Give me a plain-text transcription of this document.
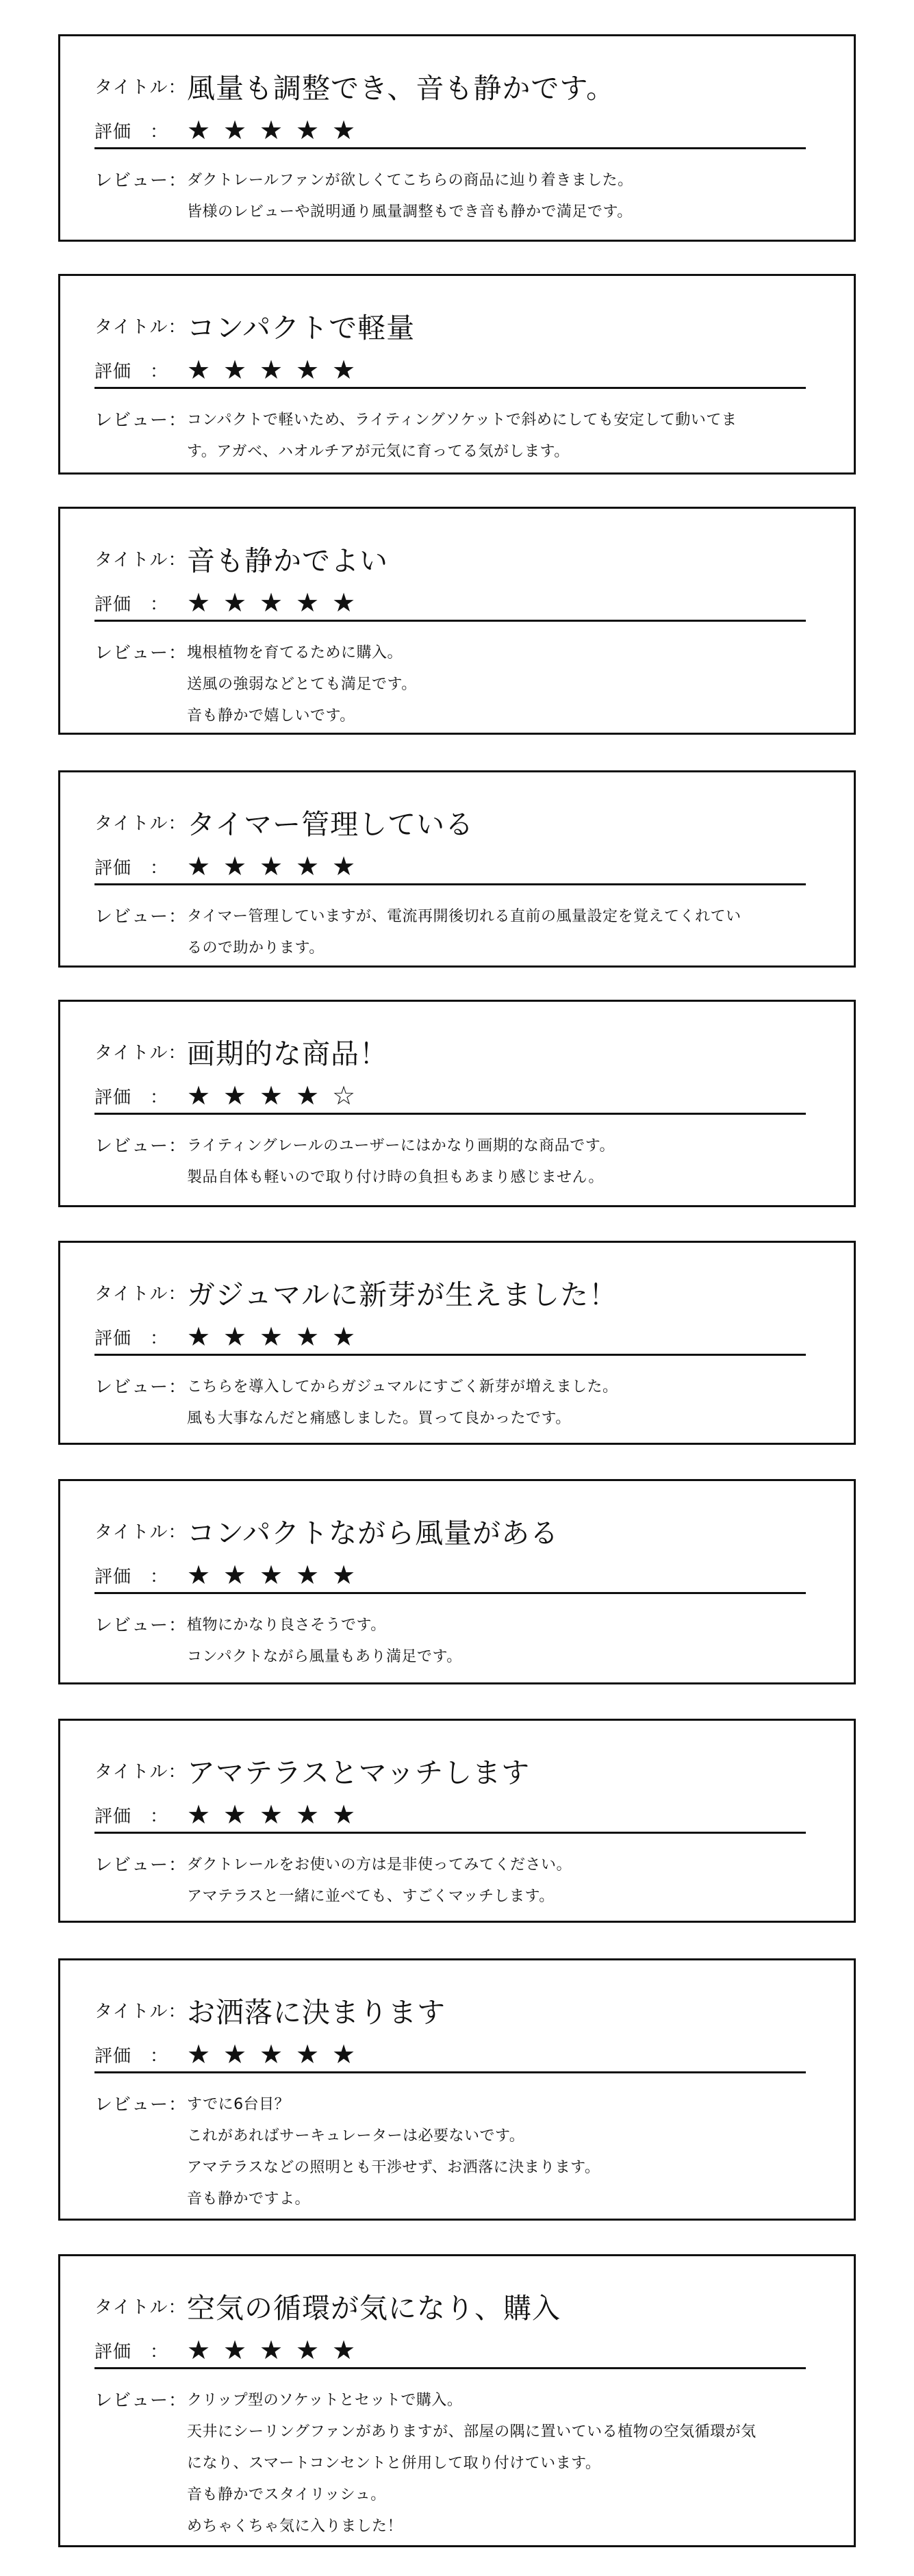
タイトル： 風量も調整でき、音も静かです。
評価　： ★ ★ ★ ★ ★
レビュー： ダクトレールファンが欲しくてこちらの商品に辿り着きました。
皆様のレビューや説明通り風量調整もでき音も静かで満足です。
タイトル： コンパクトで軽量
評価　： ★ ★ ★ ★ ★
レビュー： コンパクトで軽いため、ライティングソケットで斜めにしても安定して動いてま
す。アガベ、ハオルチアが元気に育ってる気がします。
タイトル： 音も静かでよい
評価　： ★ ★ ★ ★ ★
レビュー： 塊根植物を育てるために購入。
送風の強弱などとても満足です。
音も静かで嬉しいです。
タイトル： タイマー管理している
評価　： ★ ★ ★ ★ ★
レビュー： タイマー管理していますが、電流再開後切れる直前の風量設定を覚えてくれてい
るので助かります。
タイトル： 画期的な商品！
評価　： ★ ★ ★ ★ ☆
レビュー： ライティングレールのユーザーにはかなり画期的な商品です。
製品自体も軽いので取り付け時の負担もあまり感じません。
タイトル： ガジュマルに新芽が生えました！
評価　： ★ ★ ★ ★ ★
レビュー： こちらを導入してからガジュマルにすごく新芽が増えました。
風も大事なんだと痛感しました。買って良かったです。
タイトル： コンパクトながら風量がある
評価　： ★ ★ ★ ★ ★
レビュー： 植物にかなり良さそうです。
コンパクトながら風量もあり満足です。
タイトル： アマテラスとマッチします
評価　： ★ ★ ★ ★ ★
レビュー： ダクトレールをお使いの方は是非使ってみてください。
アマテラスと一緒に並べても、すごくマッチします。
タイトル： お洒落に決まります
評価　： ★ ★ ★ ★ ★
レビュー： すでに6台目？
これがあればサーキュレーターは必要ないです。
アマテラスなどの照明とも干渉せず、お洒落に決まります。
音も静かですよ。
タイトル： 空気の循環が気になり、購入
評価　： ★ ★ ★ ★ ★
レビュー： クリップ型のソケットとセットで購入。
天井にシーリングファンがありますが、部屋の隅に置いている植物の空気循環が気
になり、スマートコンセントと併用して取り付けています。
音も静かでスタイリッシュ。
めちゃくちゃ気に入りました！
